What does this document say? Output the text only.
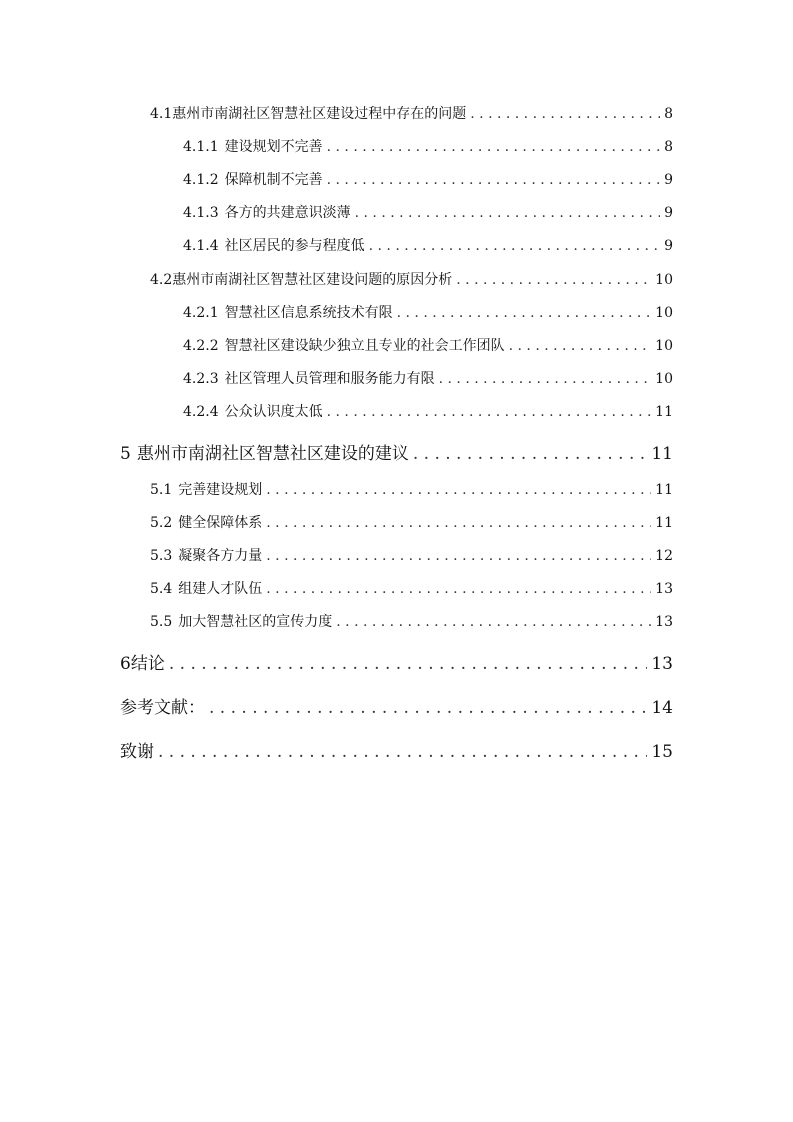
4.1 惠州市南湖社区智慧社区建设过程中存在的问题 . . .	8
4.1.1 建设规划不完善 . . .	8
4.1.2 保障机制不完善 . . .	9
4.1.3 各方的共建意识淡薄 . . .	9
4.1.4 社区居民的参与程度低 . . .	9
4.2 惠州市南湖社区智慧社区建设问题的原因分析 . . .	10
4.2.1 智慧社区信息系统技术有限 . . .	10
4.2.2 智慧社区建设缺少独立且专业的社会工作团队 . . .	10
4.2.3 社区管理人员管理和服务能力有限 . . .	10
4.2.4 公众认识度太低 . . .	11
5 惠州市南湖社区智慧社区建设的建议 . . .	11
5.1 完善建设规划 . . .	11
5.2 健全保障体系 . . .	11
5.3 凝聚各方力量 . . .	12
5.4 组建人才队伍 . . .	13
5.5 加大智慧社区的宣传力度 . . .	13
6 结论 . . .	13
参考文献： . . .	14
致谢 . . .	15
